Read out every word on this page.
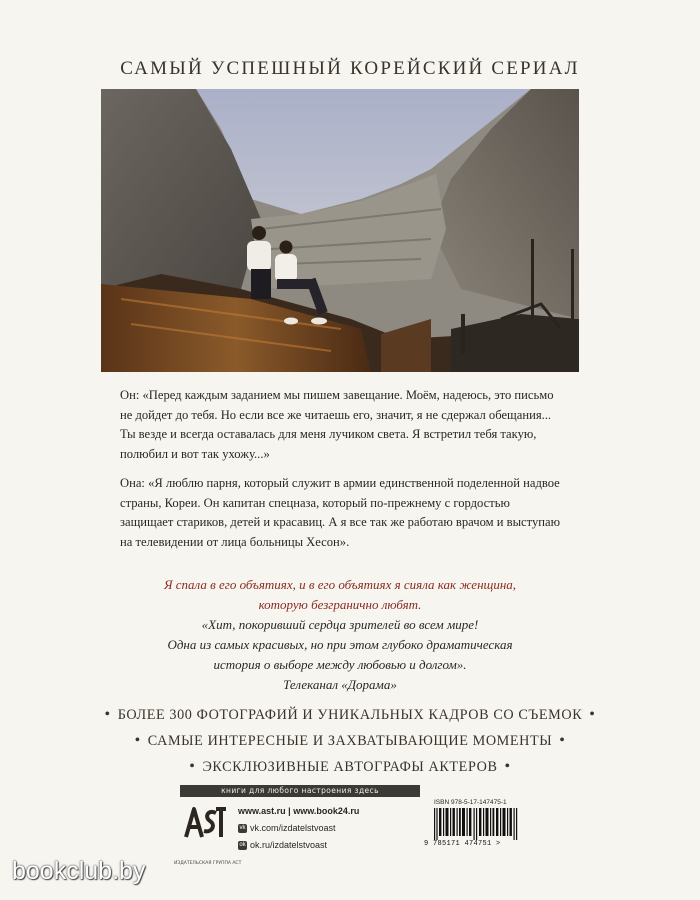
САМЫЙ УСПЕШНЫЙ КОРЕЙСКИЙ СЕРИАЛ
Он: «Перед каждым заданием мы пишем завещание. Моём, надеюсь, это письмо не дойдет до тебя. Но если все же читаешь его, значит, я не сдержал обещания... Ты везде и всегда оставалась для меня лучиком света. Я встретил тебя такую, полюбил и вот так ухожу...»
Она: «Я люблю парня, который служит в армии единственной поделенной надвое страны, Кореи. Он капитан спецназа, который по-прежнему с гордостью защищает стариков, детей и красавиц. А я все так же работаю врачом и выступаю на телевидении от лица больницы Хесон».
Я спала в его объятиях, и в его объятиях я сияла как женщина,
которую безгранично любят.
«Хит, покоривший сердца зрителей во всем мире!
Одна из самых красивых, но при этом глубоко драматическая
история о выборе между любовью и долгом».
Телеканал «Дорама»
• БОЛЕЕ 300 ФОТОГРАФИЙ И УНИКАЛЬНЫХ КАДРОВ СО СЪЕМОК •
• САМЫЕ ИНТЕРЕСНЫЕ И ЗАХВАТЫВАЮЩИЕ МОМЕНТЫ •
• ЭКСКЛЮЗИВНЫЕ АВТОГРАФЫ АКТЕРОВ •
книги для любого настроения здесь
ИЗДАТЕЛЬСКАЯ ГРУППА АСТ
www.ast.ru | www.book24.ru
vk vk.com/izdatelstvoast
ok ok.ru/izdatelstvoast
ISBN 978-5-17-147475-1
9 785171 474751 >
bookclub.by
